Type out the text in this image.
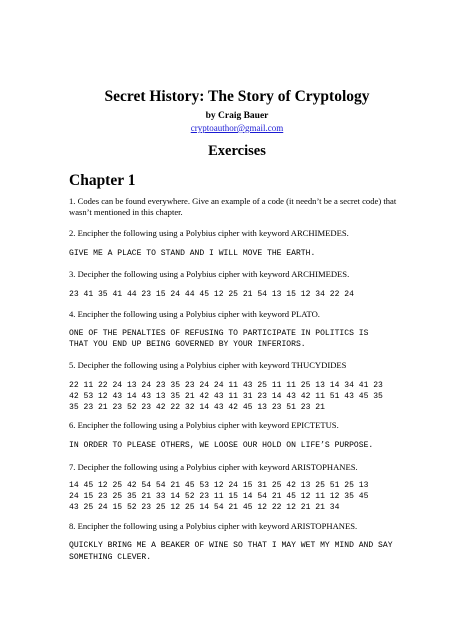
Secret History: The Story of Cryptology
by Craig Bauer
cryptoauthor@gmail.com
Exercises
Chapter 1
1. Codes can be found everywhere. Give an example of a code (it needn’t be a secret code) that
wasn’t mentioned in this chapter.
2. Encipher the following using a Polybius cipher with keyword ARCHIMEDES.
GIVE ME A PLACE TO STAND AND I WILL MOVE THE EARTH.
3. Decipher the following using a Polybius cipher with keyword ARCHIMEDES.
23 41 35 41 44 23 15 24 44 45 12 25 21 54 13 15 12 34 22 24
4. Encipher the following using a Polybius cipher with keyword PLATO.
ONE OF THE PENALTIES OF REFUSING TO PARTICIPATE IN POLITICS IS
THAT YOU END UP BEING GOVERNED BY YOUR INFERIORS.
5. Decipher the following using a Polybius cipher with keyword THUCYDIDES
22 11 22 24 13 24 23 35 23 24 24 11 43 25 11 11 25 13 14 34 41 23
42 53 12 43 14 43 13 35 21 42 43 11 31 23 14 43 42 11 51 43 45 35
35 23 21 23 52 23 42 22 32 14 43 42 45 13 23 51 23 21
6. Encipher the following using a Polybius cipher with keyword EPICTETUS.
IN ORDER TO PLEASE OTHERS, WE LOOSE OUR HOLD ON LIFE’S PURPOSE.
7. Decipher the following using a Polybius cipher with keyword ARISTOPHANES.
14 45 12 25 42 54 54 21 45 53 12 24 15 31 25 42 13 25 51 25 13
24 15 23 25 35 21 33 14 52 23 11 15 14 54 21 45 12 11 12 35 45
43 25 24 15 52 23 25 12 25 14 54 21 45 12 22 12 21 21 34
8. Encipher the following using a Polybius cipher with keyword ARISTOPHANES.
QUICKLY BRING ME A BEAKER OF WINE SO THAT I MAY WET MY MIND AND SAY
SOMETHING CLEVER.
